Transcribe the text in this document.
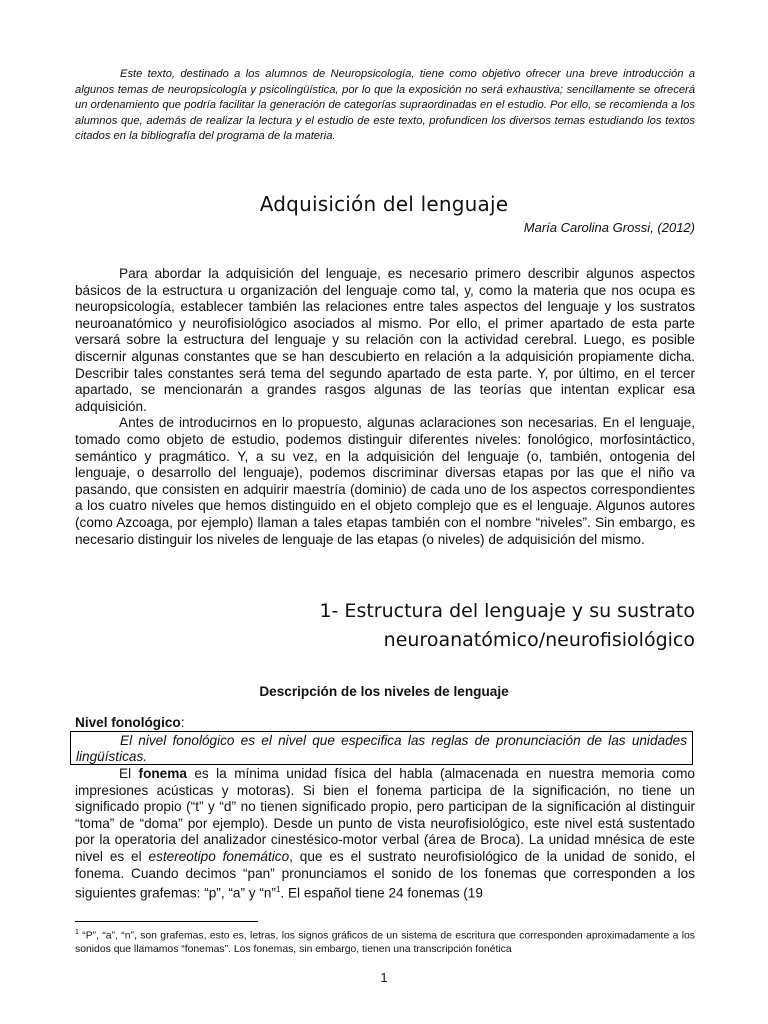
Este texto, destinado a los alumnos de Neuropsicología, tiene como objetivo ofrecer una breve introducción a algunos temas de neuropsicología y psicolingüística, por lo que la exposición no será exhaustiva; sencillamente se ofrecerá un ordenamiento que podría facilitar la generación de categorías supraordinadas en el estudio. Por ello, se recomienda a los alumnos que, además de realizar la lectura y el estudio de este texto, profundicen los diversos temas estudiando los textos citados en la bibliografía del programa de la materia.

Adquisición del lenguaje
María Carolina Grossi, (2012)

Para abordar la adquisición del lenguaje, es necesario primero describir algunos aspectos básicos de la estructura u organización del lenguaje como tal, y, como la materia que nos ocupa es neuropsicología, establecer también las relaciones entre tales aspectos del lenguaje y los sustratos neuroanatómico y neurofisiológico asociados al mismo. Por ello, el primer apartado de esta parte versará sobre la estructura del lenguaje y su relación con la actividad cerebral. Luego, es posible discernir algunas constantes que se han descubierto en relación a la adquisición propiamente dicha. Describir tales constantes será tema del segundo apartado de esta parte. Y, por último, en el tercer apartado, se mencionarán a grandes rasgos algunas de las teorías que intentan explicar esa adquisición.

Antes de introducirnos en lo propuesto, algunas aclaraciones son necesarias. En el lenguaje, tomado como objeto de estudio, podemos distinguir diferentes niveles: fonológico, morfosintáctico, semántico y pragmático. Y, a su vez, en la adquisición del lenguaje (o, también, ontogenia del lenguaje, o desarrollo del lenguaje), podemos discriminar diversas etapas por las que el niño va pasando, que consisten en adquirir maestría (dominio) de cada uno de los aspectos correspondientes a los cuatro niveles que hemos distinguido en el objeto complejo que es el lenguaje. Algunos autores (como Azcoaga, por ejemplo) llaman a tales etapas también con el nombre “niveles”. Sin embargo, es necesario distinguir los niveles de lenguaje de las etapas (o niveles) de adquisición del mismo.

1- Estructura del lenguaje y su sustrato
neuroanatómico/neurofisiológico
Descripción de los niveles de lenguaje
Nivel fonológico:
El nivel fonológico es el nivel que especifica las reglas de pronunciación de las unidades lingüísticas.

El fonema es la mínima unidad física del habla (almacenada en nuestra memoria como impresiones acústicas y motoras). Si bien el fonema participa de la significación, no tiene un significado propio (“t” y “d” no tienen significado propio, pero participan de la significación al distinguir “toma” de “doma” por ejemplo). Desde un punto de vista neurofisiológico, este nivel está sustentado por la operatoria del analizador cinestésico-motor verbal (área de Broca). La unidad mnésica de este nivel es el estereotipo fonemático, que es el sustrato neurofisiológico de la unidad de sonido, el fonema. Cuando decimos “pan” pronunciamos el sonido de los fonemas que corresponden a los siguientes grafemas: “p”, “a” y “n”$^1$. El español tiene 24 fonemas (19

$^1$ “P”, “a”, “n”, son grafemas, esto es, letras, los signos gráficos de un sistema de escritura que corresponden aproximadamente a los sonidos que llamamos “fonemas”. Los fonemas, sin embargo, tienen una transcripción fonética
1
